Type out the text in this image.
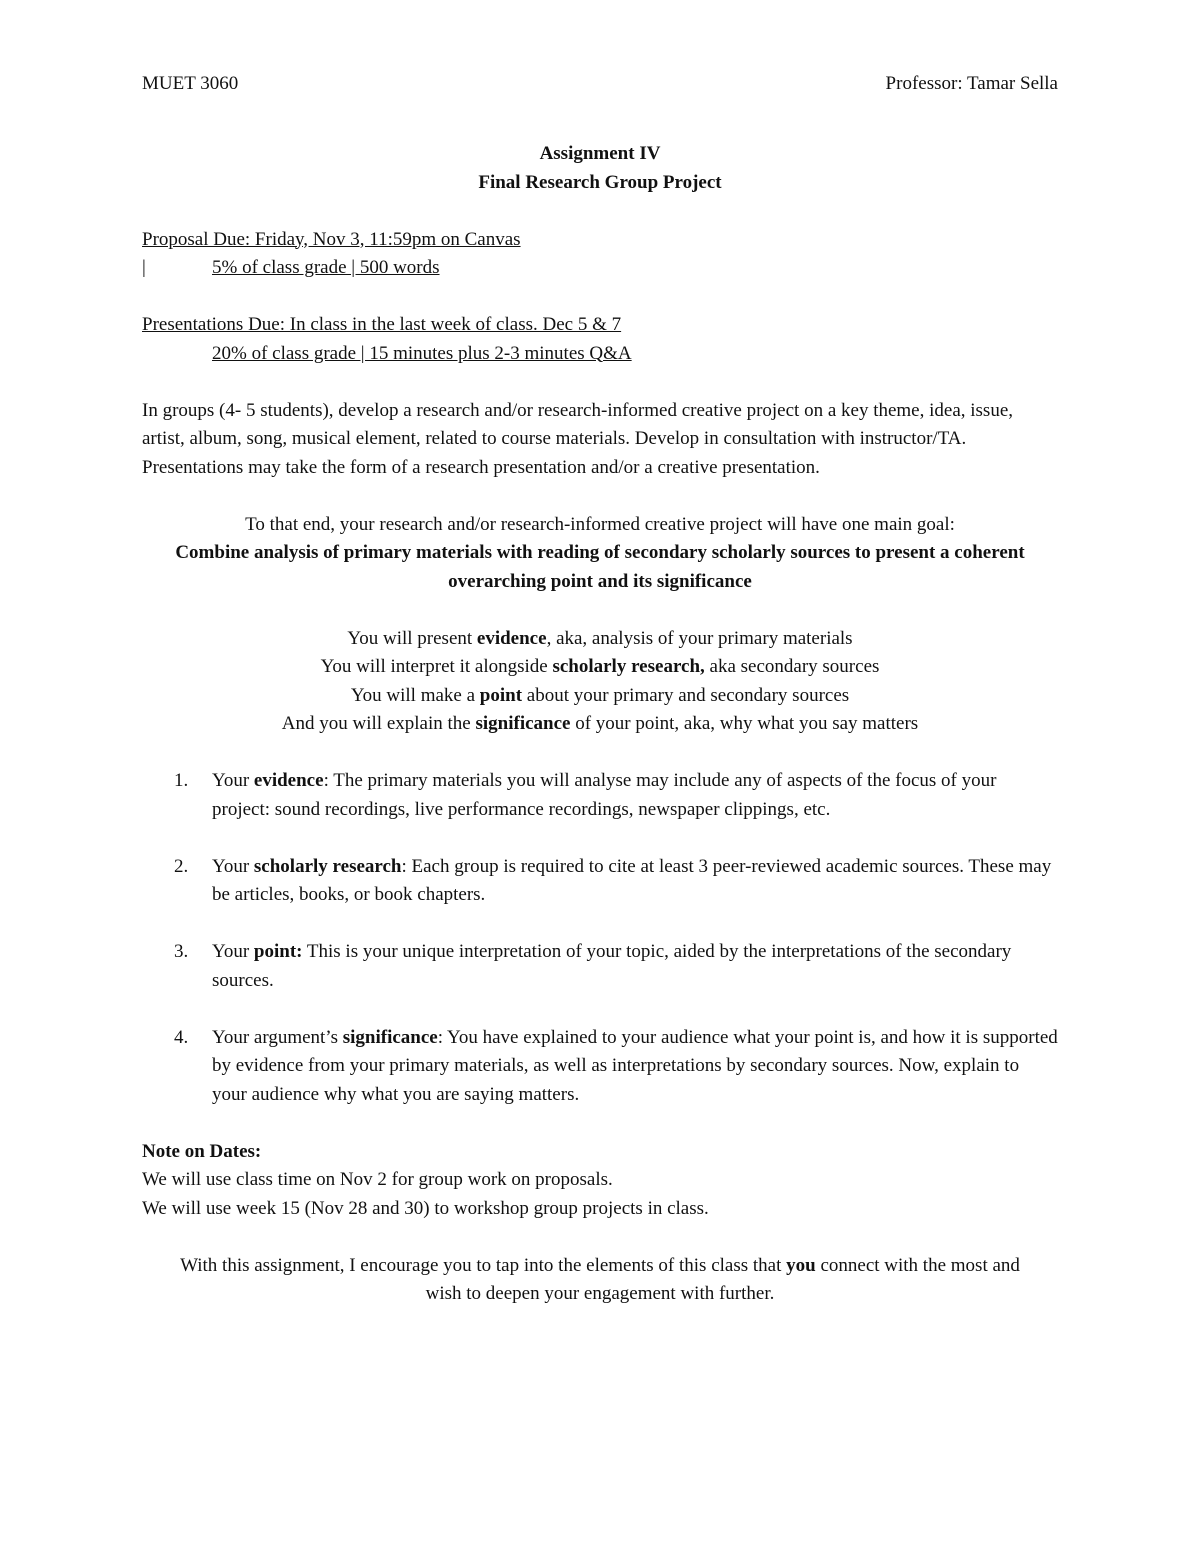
MUET 3060	Professor: Tamar Sella
Assignment IV
Final Research Group Project
Proposal Due: Friday, Nov 3, 11:59pm on Canvas
|	5% of class grade | 500 words
Presentations Due: In class in the last week of class. Dec 5 & 7
20% of class grade | 15 minutes plus 2-3 minutes Q&A

In groups (4- 5 students), develop a research and/or research-informed creative project on a key theme, idea, issue, artist, album, song, musical element, related to course materials. Develop in consultation with instructor/TA. Presentations may take the form of a research presentation and/or a creative presentation.

To that end, your research and/or research-informed creative project will have one main goal:

Combine analysis of primary materials with reading of secondary scholarly sources to present a coherent overarching point and its significance

You will present evidence, aka, analysis of your primary materials
You will interpret it alongside scholarly research, aka secondary sources
You will make a point about your primary and secondary sources
And you will explain the significance of your point, aka, why what you say matters
1. Your evidence: The primary materials you will analyse may include any of aspects of the focus of your project: sound recordings, live performance recordings, newspaper clippings, etc.
2. Your scholarly research: Each group is required to cite at least 3 peer-reviewed academic sources. These may be articles, books, or book chapters.
3. Your point: This is your unique interpretation of your topic, aided by the interpretations of the secondary sources.
4. Your argument’s significance: You have explained to your audience what your point is, and how it is supported by evidence from your primary materials, as well as interpretations by secondary sources. Now, explain to your audience why what you are saying matters.
Note on Dates:
We will use class time on Nov 2 for group work on proposals.
We will use week 15 (Nov 28 and 30) to workshop group projects in class.

With this assignment, I encourage you to tap into the elements of this class that you connect with the most and wish to deepen your engagement with further.
